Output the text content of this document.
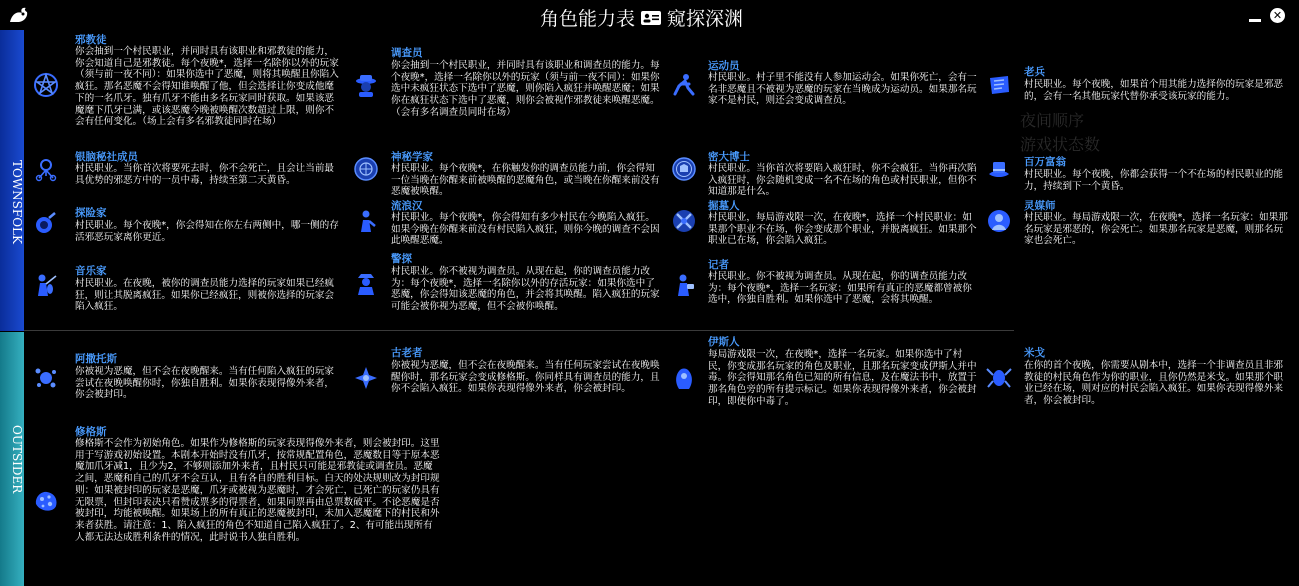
夜间顺序
游戏状态数
角色能力表 窥探深渊	✕
TOWNSFOLK
OUTSIDER
邪教徒
你会抽到一个村民职业，并同时具有该职业和邪教徒的能力，你会知道自己是邪教徒。每个夜晚*，选择一名除你以外的玩家（须与前一夜不同）：如果你选中了恶魔，则将其唤醒且你陷入疯狂。那名恶魔不会得知谁唤醒了他，但会选择让你变成他麾下的一名爪牙。独有爪牙不能由多名玩家同时获取。如果该恶魔麾下爪牙已满，或该恶魔今晚被唤醒次数超过上限，则你不会有任何变化。（场上会有多名邪教徒同时在场）
调查员
你会抽到一个村民职业，并同时具有该职业和调查员的能力。每个夜晚*，选择一名除你以外的玩家（须与前一夜不同）：如果你选中未疯狂状态下选中了恶魔，则你陷入疯狂并唤醒恶魔；如果你在疯狂状态下选中了恶魔，则你会被视作邪教徒来唤醒恶魔。（会有多名调查员同时在场）
运动员
村民职业。村子里不能没有人参加运动会。如果你死亡，会有一名非恶魔且不被视为恶魔的玩家在当晚成为运动员。如果那名玩家不是村民，则还会变成调查员。
老兵
村民职业。每个夜晚，如果首个用其能力选择你的玩家是邪恶的，会有一名其他玩家代替你承受该玩家的能力。
银脑秘社成员
村民职业。当你首次将要死去时，你不会死亡，且会让当前最具优势的邪恶方中的一员中毒，持续至第二天黄昏。
神秘学家
村民职业。每个夜晚*，在你触发你的调查员能力前，你会得知一位当晚在你醒来前被唤醒的恶魔角色，或当晚在你醒来前没有恶魔被唤醒。
密大博士
村民职业。当你首次将要陷入疯狂时，你不会疯狂。当你再次陷入疯狂时，你会随机变成一名不在场的角色或村民职业，但你不知道那是什么。
百万富翁
村民职业。每个夜晚，你都会获得一个不在场的村民职业的能力，持续到下一个黄昏。
探险家
村民职业。每个夜晚*，你会得知在你左右两侧中，哪一侧的存活邪恶玩家离你更近。
流浪汉
村民职业。每个夜晚*，你会得知有多少村民在今晚陷入疯狂。如果今晚在你醒来前没有村民陷入疯狂，则你今晚的调查不会因此唤醒恶魔。
掘墓人
村民职业，每局游戏限一次，在夜晚*，选择一个村民职业：如果那个职业不在场，你会变成那个职业，并脱离疯狂。如果那个职业已在场，你会陷入疯狂。
灵媒师
村民职业。每局游戏限一次，在夜晚*，选择一名玩家：如果那名玩家是邪恶的，你会死亡。如果那名玩家是恶魔，则那名玩家也会死亡。
警探
村民职业。你不被视为调查员。从现在起，你的调查员能力改为：每个夜晚*，选择一名除你以外的存活玩家：如果你选中了恶魔，你会得知该恶魔的角色，并会将其唤醒。陷入疯狂的玩家可能会被你视为恶魔，但不会被你唤醒。
音乐家
村民职业。在夜晚，被你的调查员能力选择的玩家如果已经疯狂，则让其脱离疯狂。如果你已经疯狂，则被你选择的玩家会陷入疯狂。
记者
村民职业。你不被视为调查员。从现在起，你的调查员能力改为：每个夜晚*，选择一名玩家：如果所有真正的恶魔都曾被你选中，你独自胜利。如果你选中了恶魔，会将其唤醒。
阿撒托斯
你被视为恶魔，但不会在夜晚醒来。当有任何陷入疯狂的玩家尝试在夜晚唤醒你时，你独自胜利。如果你表现得像外来者，你会被封印。
古老者
你被视为恶魔，但不会在夜晚醒来。当有任何玩家尝试在夜晚唤醒你时，那名玩家会变成修格斯。你同样具有调查员的能力，且你不会陷入疯狂。如果你表现得像外来者，你会被封印。
伊斯人
每局游戏限一次，在夜晚*，选择一名玩家。如果你选中了村民，你变成那名玩家的角色及职业，且那名玩家变成伊斯人并中毒。你会得知那名角色已知的所有信息，及在魔法书中，放置于那名角色旁的所有提示标记。如果你表现得像外来者，你会被封印，即使你中毒了。
米戈
在你的首个夜晚，你需要从剧本中，选择一个非调查员且非邪教徒的村民角色作为你的职业，且你仍然是米戈。如果那个职业已经在场，则对应的村民会陷入疯狂。如果你表现得像外来者，你会被封印。
修格斯
修格斯不会作为初始角色。如果作为修格斯的玩家表现得像外来者，则会被封印。这里用于写游戏初始设置。本剧本开始时没有爪牙，按常规配置角色，恶魔数目等于原本恶魔加爪牙减1，且少为2，不够则添加外来者，且村民只可能是邪教徒或调查员。恶魔之间，恶魔和自己的爪牙不会互认，且有各自的胜利目标。白天的处决规则改为封印规则：如果被封印的玩家是恶魔，爪牙或被视为恶魔时，才会死亡，已死亡的玩家仍具有无限票，但封印表决只看赞成票多的得票者，如果同票再由总票数破平。不论恶魔是否被封印，均能被唤醒。如果场上的所有真正的恶魔被封印，未加入恶魔麾下的村民和外来者获胜。请注意：1、陷入疯狂的角色不知道自己陷入疯狂了。2、有可能出现所有人都无法达成胜利条件的情况，此时说书人独自胜利。
